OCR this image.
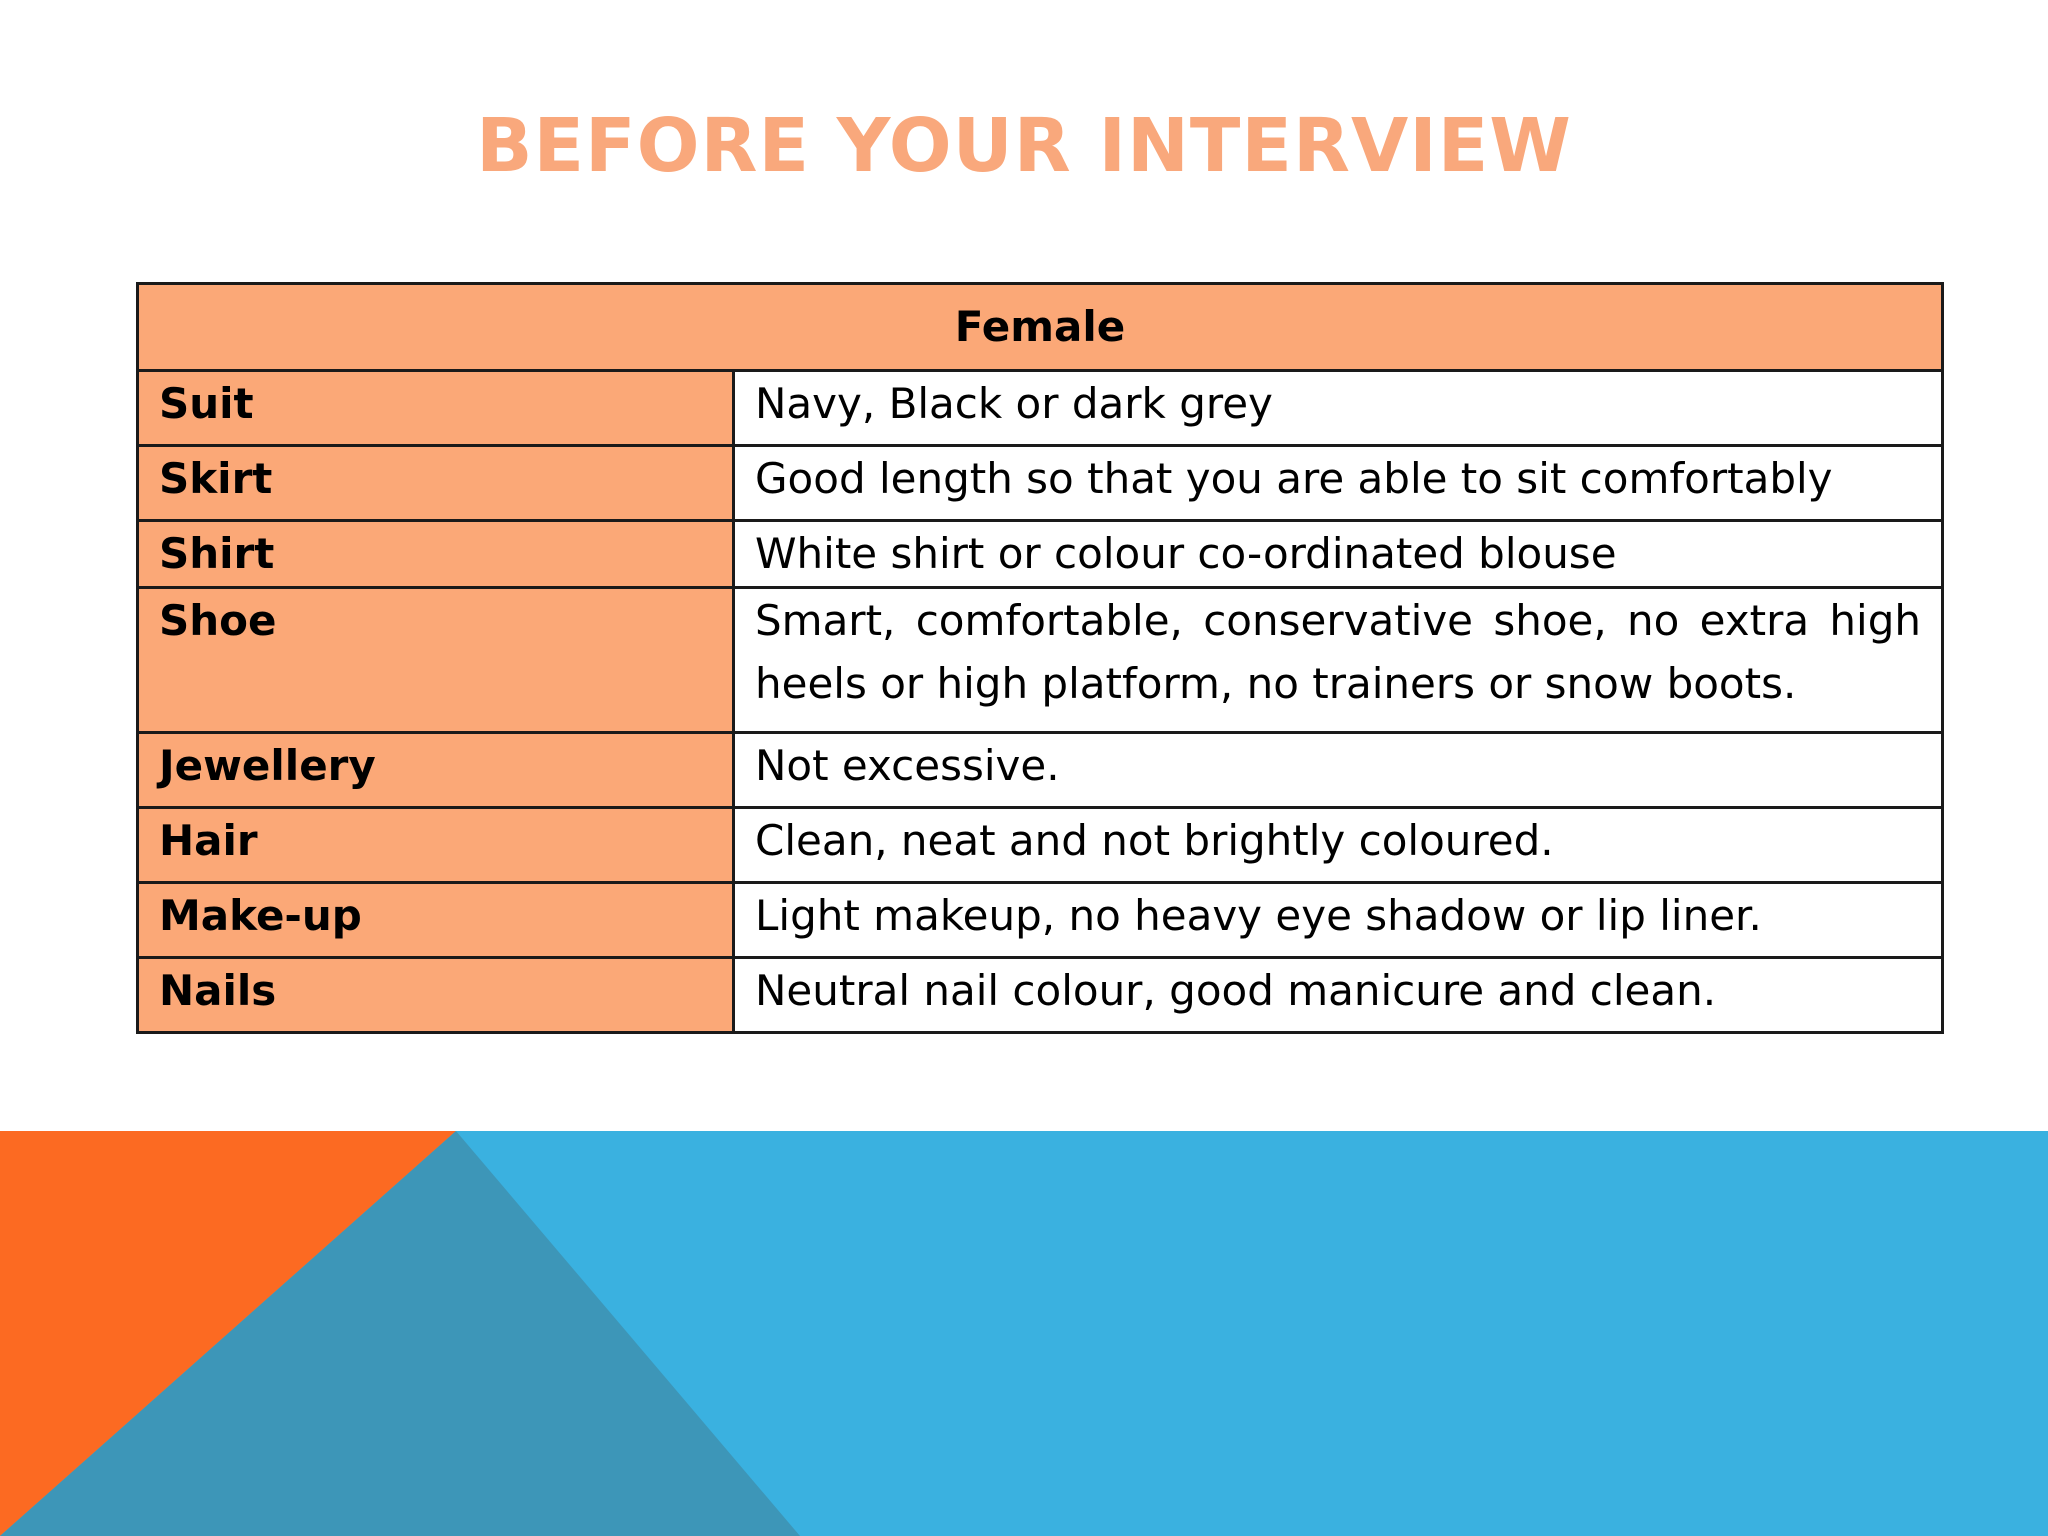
BEFORE YOUR INTERVIEW
Female	
Suit	Navy, Black or dark grey
Skirt	Good length so that you are able to sit comfortably
Shirt	White shirt or colour co-ordinated blouse
Shoe	Smart, comfortable, conservative shoe, no extra high heels or high platform, no trainers or snow boots.
Jewellery	Not excessive.
Hair	Clean, neat and not brightly coloured.
Make-up	Light makeup, no heavy eye shadow or lip liner.
Nails	Neutral nail colour, good manicure and clean.
